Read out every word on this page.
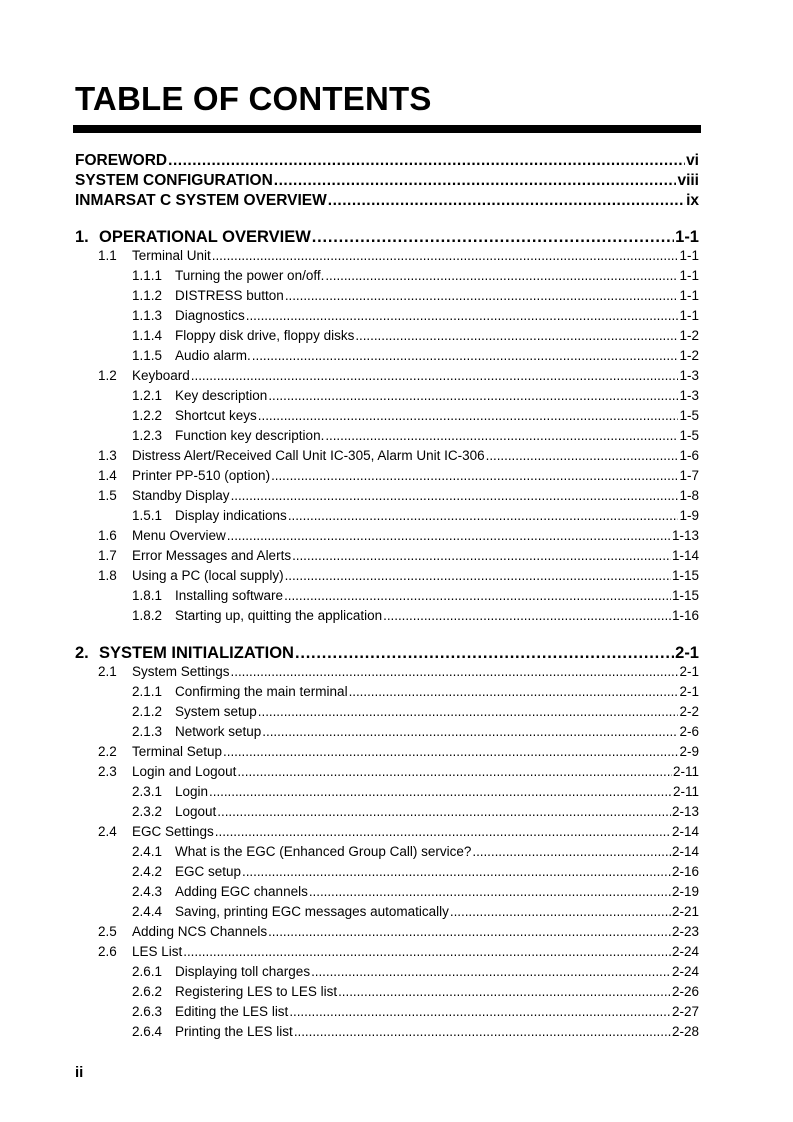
TABLE OF CONTENTS
FOREWORD . . .	vi
SYSTEM CONFIGURATION . . .	viii
INMARSAT C SYSTEM OVERVIEW . . .	ix
1. OPERATIONAL OVERVIEW . . .	1-1
1.1	Terminal Unit . . .	1-1
1.1.1 Turning the power on/off. . . .	1-1
1.1.2 DISTRESS button . . .	1-1
1.1.3 Diagnostics . . .	1-1
1.1.4 Floppy disk drive, floppy disks . . .	1-2
1.1.5 Audio alarm. . . .	1-2
1.2	Keyboard . . .	1-3
1.2.1 Key description . . .	1-3
1.2.2 Shortcut keys . . .	1-5
1.2.3 Function key description. . . .	1-5
1.3	Distress Alert/Received Call Unit IC-305, Alarm Unit IC-306 . . .	1-6
1.4	Printer PP-510 (option) . . .	1-7
1.5	Standby Display . . .	1-8
1.5.1 Display indications . . .	1-9
1.6	Menu Overview . . .	1-13
1.7	Error Messages and Alerts . . .	1-14
1.8	Using a PC (local supply) . . .	1-15
1.8.1 Installing software . . .	1-15
1.8.2 Starting up, quitting the application . . .	1-16
2. SYSTEM INITIALIZATION . . .	2-1
2.1	System Settings . . .	2-1
2.1.1 Confirming the main terminal . . .	2-1
2.1.2 System setup . . .	2-2
2.1.3 Network setup . . .	2-6
2.2	Terminal Setup . . .	2-9
2.3	Login and Logout . . .	2-11
2.3.1 Login . . .	2-11
2.3.2 Logout . . .	2-13
2.4	EGC Settings . . .	2-14
2.4.1 What is the EGC (Enhanced Group Call) service? . . .	2-14
2.4.2 EGC setup . . .	2-16
2.4.3 Adding EGC channels . . .	2-19
2.4.4 Saving, printing EGC messages automatically . . .	2-21
2.5	Adding NCS Channels . . .	2-23
2.6	LES List . . .	2-24
2.6.1 Displaying toll charges . . .	2-24
2.6.2 Registering LES to LES list . . .	2-26
2.6.3 Editing the LES list . . .	2-27
2.6.4 Printing the LES list . . .	2-28
ii
